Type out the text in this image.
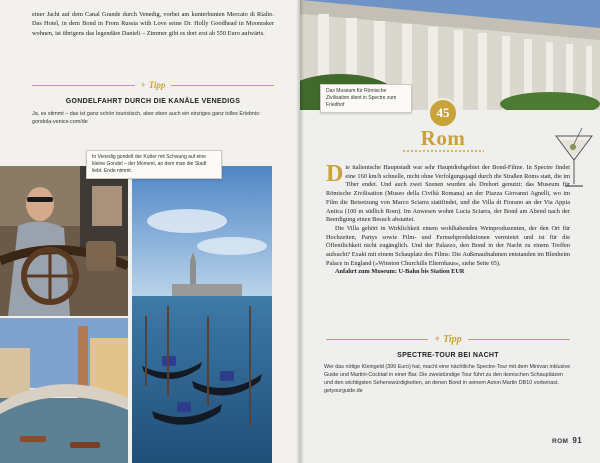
einer Jacht auf dem Canal Grande durch Venedig, vorbei am kunterbunten Mercato di Rialto. Das Hotel, in dem Bond in From Russia with Love seine Dr. Holly Goodhead in Moonraker wohnen, ist übrigens das legendäre Danieli – Zimmer gibt es dort erst ab 550 Euro aufwärts.
+ Tipp
GONDELFAHRT DURCH DIE KANÄLE VENEDIGS
Ja, es stimmt – das ist ganz schön touristisch, aber eben auch ein einziges ganz tolles Erlebnis: gondola-venice.com/de
In Venedig gondelt der Kutter mit Schwung auf eine kleine Gondel – der Moment, an dem man die Stadt liebt. Ende nimmt.
Das Museum für Römische Zivilisation dient in Spectre zum Friedhof	45
Rom
D ie italienische Hauptstadt war sehr Hauptdrehgebiet der Bond-Filme. In Spectre findet eine 160 km/h schnelle, nicht ohne Verfolgungsjagd durch die Straßen Roms statt, die im Tiber endet. Und auch zwei Szenen wurden als Drehort genutzt: das Museum für Römische Zivilisation (Museo della Civiltà Romana) an der Piazza Giovanni Agnelli, wo im Film die Beisetzung von Marco Sciarra stattfindet, und die Villa di Fiorano an der Via Appia Antica (100 m südlich Rom). Im Anwesen wohnt Lucia Sciarra, der Bond am Abend nach der Beerdigung einen Besuch abstattet.

Die Villa gehört in Wirklichkeit einem wohlhabenden Weinproduzenten, der den Ort für Hochzeiten, Partys sowie Film- und Fernsehproduktionen vermietet und ist für die Öffentlichkeit nicht zugänglich. Und der Palazzo, den Bond in der Nacht zu einem Treffen aufsucht? Exakt mit einem Schauplatz des Films: Die Außenaufnahmen entstanden im Blenheim Palace in England (»Winston Churchills Elternhaus«, siehe Seite 65).

Anfahrt zum Museum: U-Bahn bis Station EUR

+ Tipp
SPECTRE-TOUR BEI NACHT
Wer das nötige Kleingeld (399 Euro) hat, macht eine nächtliche Spectre-Tour mit dem Minivan inklusive Guide und Martini-Cocktail in einer Bar. Die zweistündige Tour führt zu den ikonischen Schauplätzen und den wichtigsten Sehenswürdigkeiten, an denen Bond in seinem Aston Martin DB10 vorbeirast. getyourguide.de
ROM 91
